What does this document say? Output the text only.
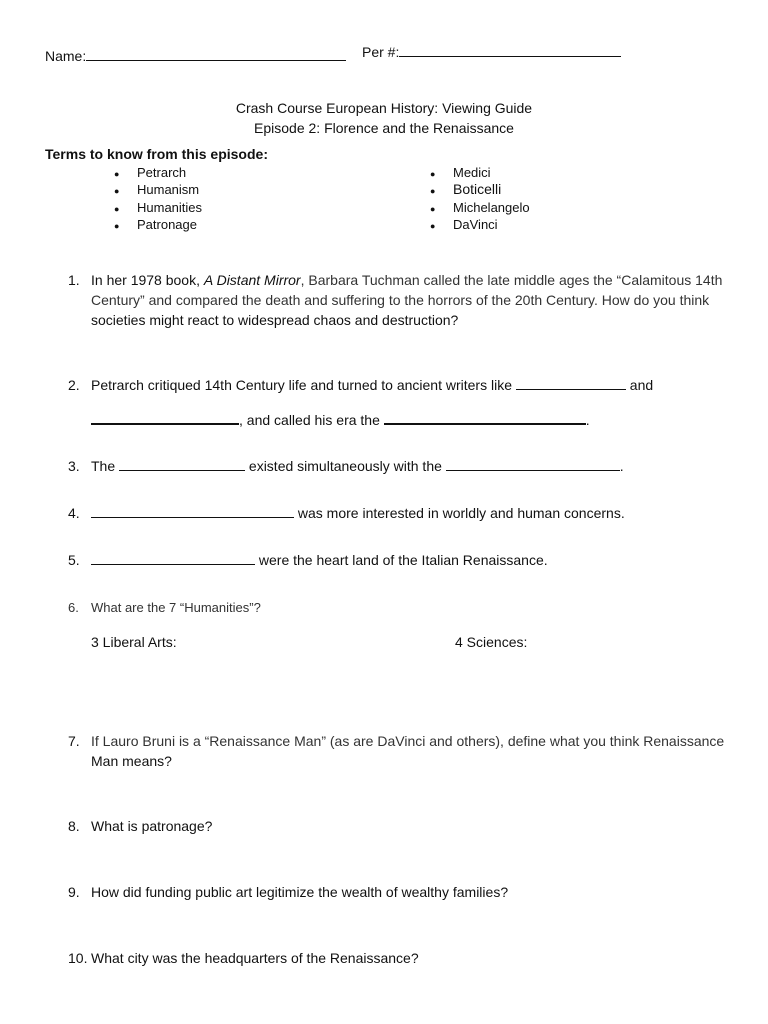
Name:	Per #:
Crash Course European History: Viewing Guide
Episode 2: Florence and the Renaissance
Terms to know from this episode:
● Petrarch
● Humanism
● Humanities
● Patronage
● Medici
● Boticelli
● Michelangelo
● DaVinci
1. In her 1978 book, A Distant Mirror, Barbara Tuchman called the late middle ages the “Calamitous 14th
Century” and compared the death and suffering to the horrors of the 20th Century. How do you think
societies might react to widespread chaos and destruction?
2. Petrarch critiqued 14th Century life and turned to ancient writers like	and
, and called his era the	.
3. The	existed simultaneously with the	.
4.	was more interested in worldly and human concerns.
5.	were the heart land of the Italian Renaissance.
6. What are the 7 “Humanities”?
3 Liberal Arts:	4 Sciences:
7. If Lauro Bruni is a “Renaissance Man” (as are DaVinci and others), define what you think Renaissance
Man means?
8. What is patronage?
9. How did funding public art legitimize the wealth of wealthy families?
10. What city was the headquarters of the Renaissance?
